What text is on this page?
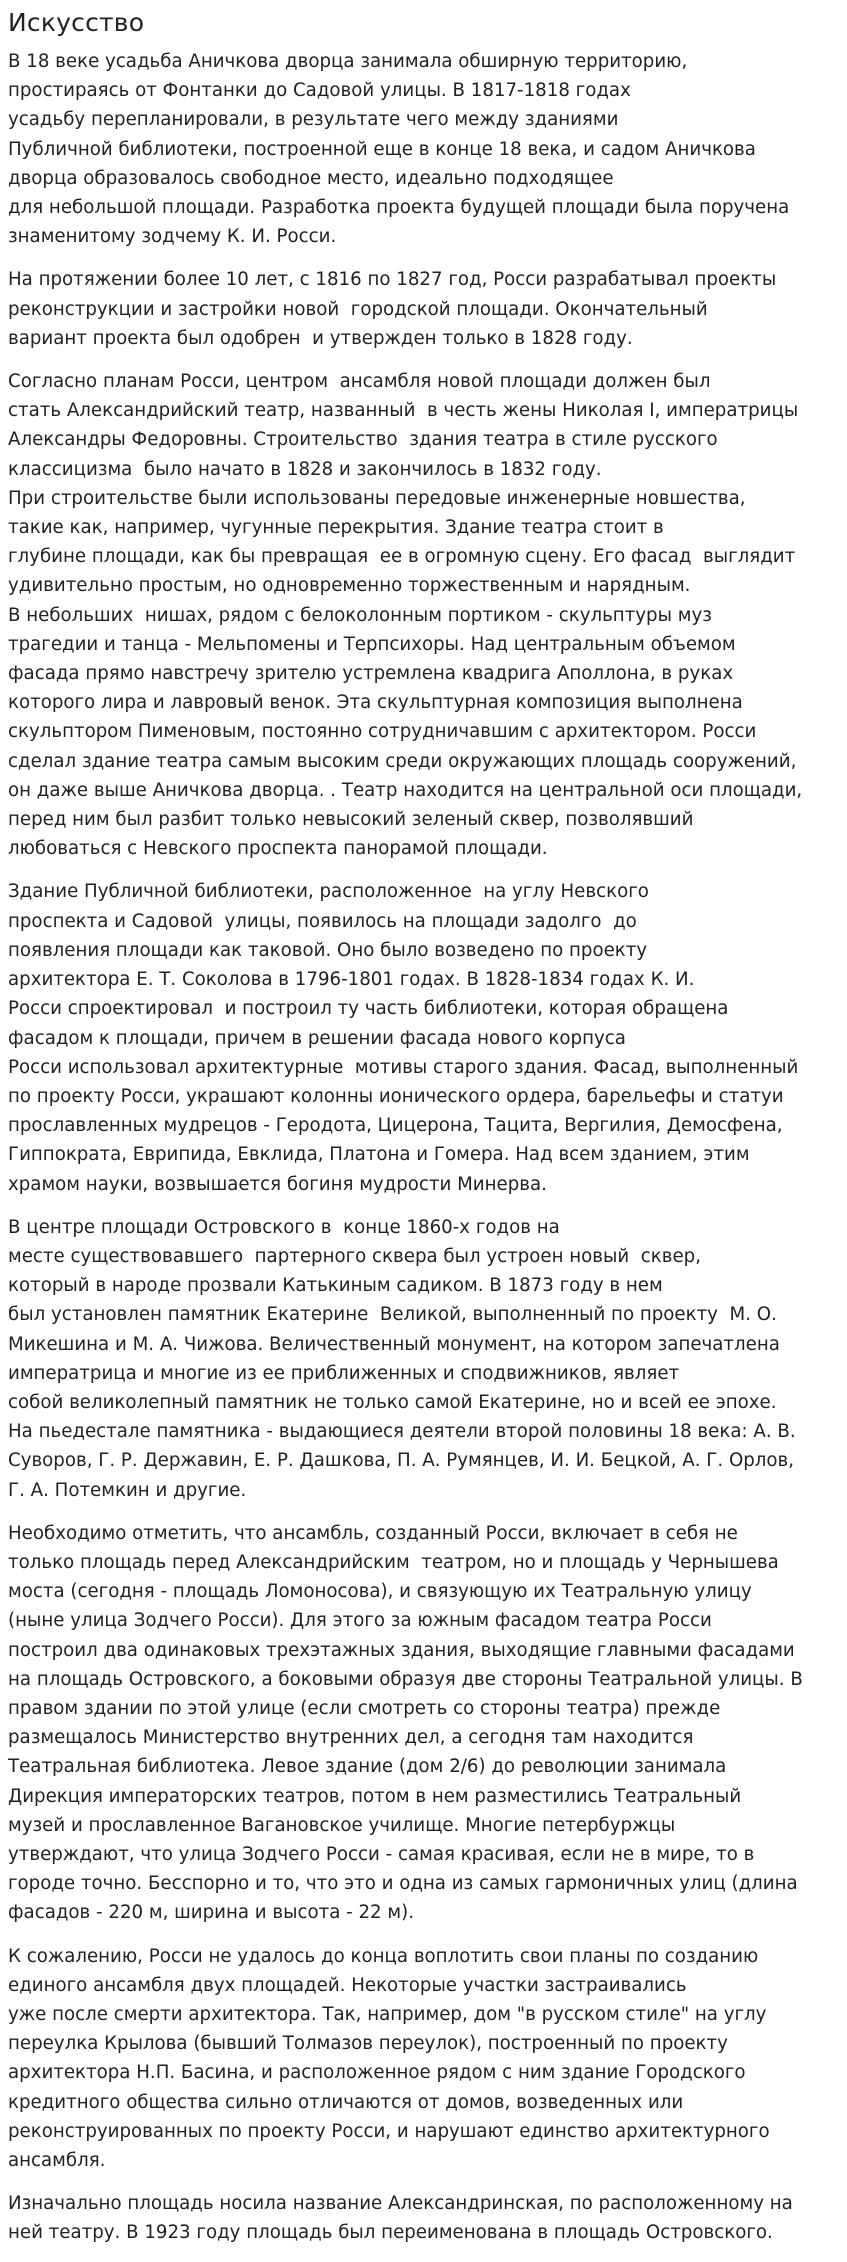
Искусство
В 18 веке усадьба Аничкова дворца занимала обширную территорию,
простираясь от Фонтанки до Садовой улицы. В 1817-1818 годах
усадьбу перепланировали, в результате чего между зданиями
Публичной библиотеки, построенной еще в конце 18 века, и садом Аничкова
дворца образовалось свободное место, идеально подходящее
для небольшой площади. Разработка проекта будущей площади была поручена
знаменитому зодчему К. И. Росси.
На протяжении более 10 лет, с 1816 по 1827 год, Росси разрабатывал проекты
реконструкции и застройки новой  городской площади. Окончательный
вариант проекта был одобрен  и утвержден только в 1828 году.
Согласно планам Росси, центром  ансамбля новой площади должен был
стать Александрийский театр, названный  в честь жены Николая I, императрицы
Александры Федоровны. Строительство  здания театра в стиле русского
классицизма  было начато в 1828 и закончилось в 1832 году.
При строительстве были использованы передовые инженерные новшества,
такие как, например, чугунные перекрытия. Здание театра стоит в
глубине площади, как бы превращая  ее в огромную сцену. Его фасад  выглядит
удивительно простым, но одновременно торжественным и нарядным.
В небольших  нишах, рядом с белоколонным портиком - скульптуры муз
трагедии и танца - Мельпомены и Терпсихоры. Над центральным объемом
фасада прямо навстречу зрителю устремлена квадрига Аполлона, в руках
которого лира и лавровый венок. Эта скульптурная композиция выполнена
скульптором Пименовым, постоянно сотрудничавшим с архитектором. Росси
сделал здание театра самым высоким среди окружающих площадь сооружений,
он даже выше Аничкова дворца. . Театр находится на центральной оси площади,
перед ним был разбит только невысокий зеленый сквер, позволявший
любоваться с Невского проспекта панорамой площади.
Здание Публичной библиотеки, расположенное  на углу Невского
проспекта и Садовой  улицы, появилось на площади задолго  до
появления площади как таковой. Оно было возведено по проекту
архитектора Е. Т. Соколова в 1796-1801 годах. В 1828-1834 годах К. И.
Росси спроектировал  и построил ту часть библиотеки, которая обращена
фасадом к площади, причем в решении фасада нового корпуса
Росси использовал архитектурные  мотивы старого здания. Фасад, выполненный
по проекту Росси, украшают колонны ионического ордера, барельефы и статуи
прославленных мудрецов - Геродота, Цицерона, Тацита, Вергилия, Демосфена,
Гиппократа, Еврипида, Евклида, Платона и Гомера. Над всем зданием, этим
храмом науки, возвышается богиня мудрости Минерва.
В центре площади Островского в  конце 1860-х годов на
месте существовавшего  партерного сквера был устроен новый  сквер,
который в народе прозвали Катькиным садиком. В 1873 году в нем
был установлен памятник Екатерине  Великой, выполненный по проекту  М. О.
Микешина и М. А. Чижова. Величественный монумент, на котором запечатлена
императрица и многие из ее приближенных и сподвижников, являет
собой великолепный памятник не только самой Екатерине, но и всей ее эпохе.
На пьедестале памятника - выдающиеся деятели второй половины 18 века: А. В.
Суворов, Г. Р. Державин, Е. Р. Дашкова, П. А. Румянцев, И. И. Бецкой, А. Г. Орлов,
Г. А. Потемкин и другие.
Необходимо отметить, что ансамбль, созданный Росси, включает в себя не
только площадь перед Александрийским  театром, но и площадь у Чернышева
моста (сегодня - площадь Ломоносова), и связующую их Театральную улицу
(ныне улица Зодчего Росси). Для этого за южным фасадом театра Росси
построил два одинаковых трехэтажных здания, выходящие главными фасадами
на площадь Островского, а боковыми образуя две стороны Театральной улицы. В
правом здании по этой улице (если смотреть со стороны театра) прежде
размещалось Министерство внутренних дел, а сегодня там находится
Театральная библиотека. Левое здание (дом 2/6) до революции занимала
Дирекция императорских театров, потом в нем разместились Театральный
музей и прославленное Вагановское училище. Многие петербуржцы
утверждают, что улица Зодчего Росси - самая красивая, если не в мире, то в
городе точно. Бесспорно и то, что это и одна из самых гармоничных улиц (длина
фасадов - 220 м, ширина и высота - 22 м).
К сожалению, Росси не удалось до конца воплотить свои планы по созданию
единого ансамбля двух площадей. Некоторые участки застраивались
уже после смерти архитектора. Так, например, дом "в русском стиле" на углу
переулка Крылова (бывший Толмазов переулок), построенный по проекту
архитектора Н.П. Басина, и расположенное рядом с ним здание Городского
кредитного общества сильно отличаются от домов, возведенных или
реконструированных по проекту Росси, и нарушают единство архитектурного
ансамбля.
Изначально площадь носила название Александринская, по расположенному на
ней театру. В 1923 году площадь был переименована в площадь Островского.
